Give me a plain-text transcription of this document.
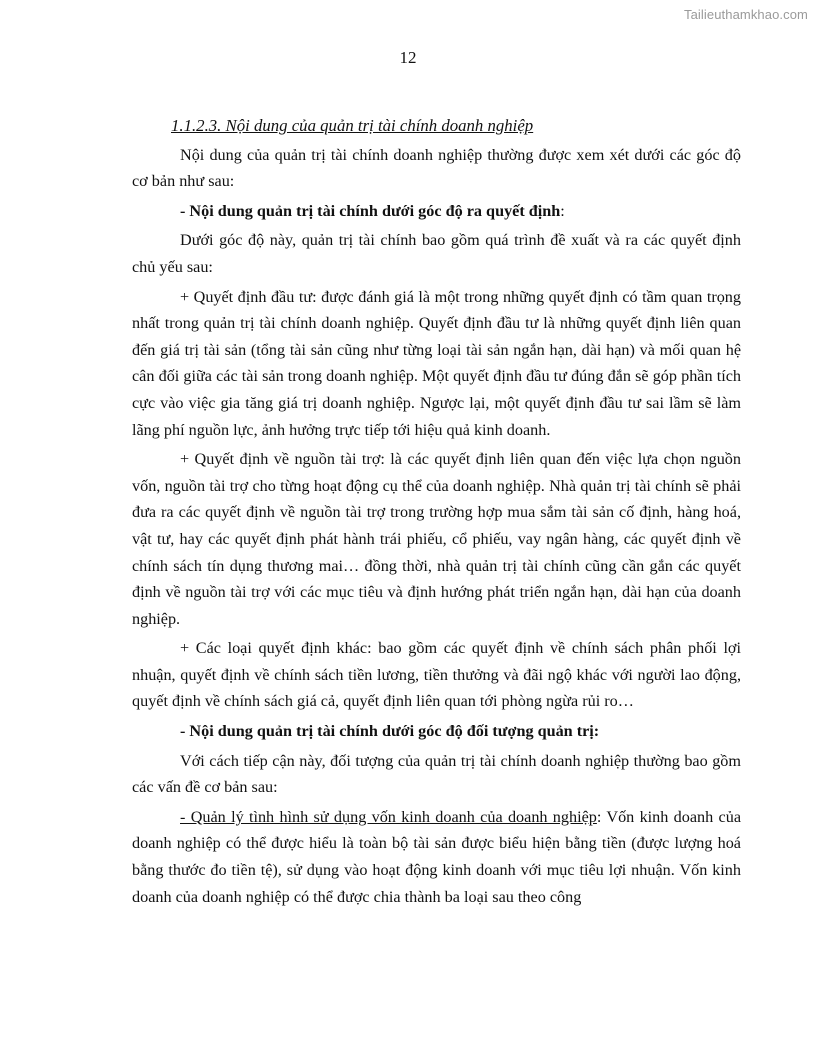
Tailieuthamkhao.com
12

1.1.2.3. Nội dung của quản trị tài chính doanh nghiệp

Nội dung của quản trị tài chính doanh nghiệp thường được xem xét dưới các góc độ cơ bản như sau:

- Nội dung quản trị tài chính dưới góc độ ra quyết định:

Dưới góc độ này, quản trị tài chính bao gồm quá trình đề xuất và ra các quyết định chủ yếu sau:

+ Quyết định đầu tư: được đánh giá là một trong những quyết định có tầm quan trọng nhất trong quản trị tài chính doanh nghiệp. Quyết định đầu tư là những quyết định liên quan đến giá trị tài sản (tổng tài sản cũng như từng loại tài sản ngắn hạn, dài hạn) và mối quan hệ cân đối giữa các tài sản trong doanh nghiệp. Một quyết định đầu tư đúng đắn sẽ góp phần tích cực vào việc gia tăng giá trị doanh nghiệp. Ngược lại, một quyết định đầu tư sai lầm sẽ làm lãng phí nguồn lực, ảnh hưởng trực tiếp tới hiệu quả kinh doanh.

+ Quyết định về nguồn tài trợ: là các quyết định liên quan đến việc lựa chọn nguồn vốn, nguồn tài trợ cho từng hoạt động cụ thể của doanh nghiệp. Nhà quản trị tài chính sẽ phải đưa ra các quyết định về nguồn tài trợ trong trường hợp mua sắm tài sản cố định, hàng hoá, vật tư, hay các quyết định phát hành trái phiếu, cổ phiếu, vay ngân hàng, các quyết định về chính sách tín dụng thương mai… đồng thời, nhà quản trị tài chính cũng cần gắn các quyết định về nguồn tài trợ với các mục tiêu và định hướng phát triển ngắn hạn, dài hạn của doanh nghiệp.

+ Các loại quyết định khác: bao gồm các quyết định về chính sách phân phối lợi nhuận, quyết định về chính sách tiền lương, tiền thưởng và đãi ngộ khác với người lao động, quyết định về chính sách giá cả, quyết định liên quan tới phòng ngừa rủi ro…

- Nội dung quản trị tài chính dưới góc độ đối tượng quản trị:

Với cách tiếp cận này, đối tượng của quản trị tài chính doanh nghiệp thường bao gồm các vấn đề cơ bản sau:

- Quản lý tình hình sử dụng vốn kinh doanh của doanh nghiệp: Vốn kinh doanh của doanh nghiệp có thể được hiểu là toàn bộ tài sản được biểu hiện bằng tiền (được lượng hoá bằng thước đo tiền tệ), sử dụng vào hoạt động kinh doanh với mục tiêu lợi nhuận. Vốn kinh doanh của doanh nghiệp có thể được chia thành ba loại sau theo công
